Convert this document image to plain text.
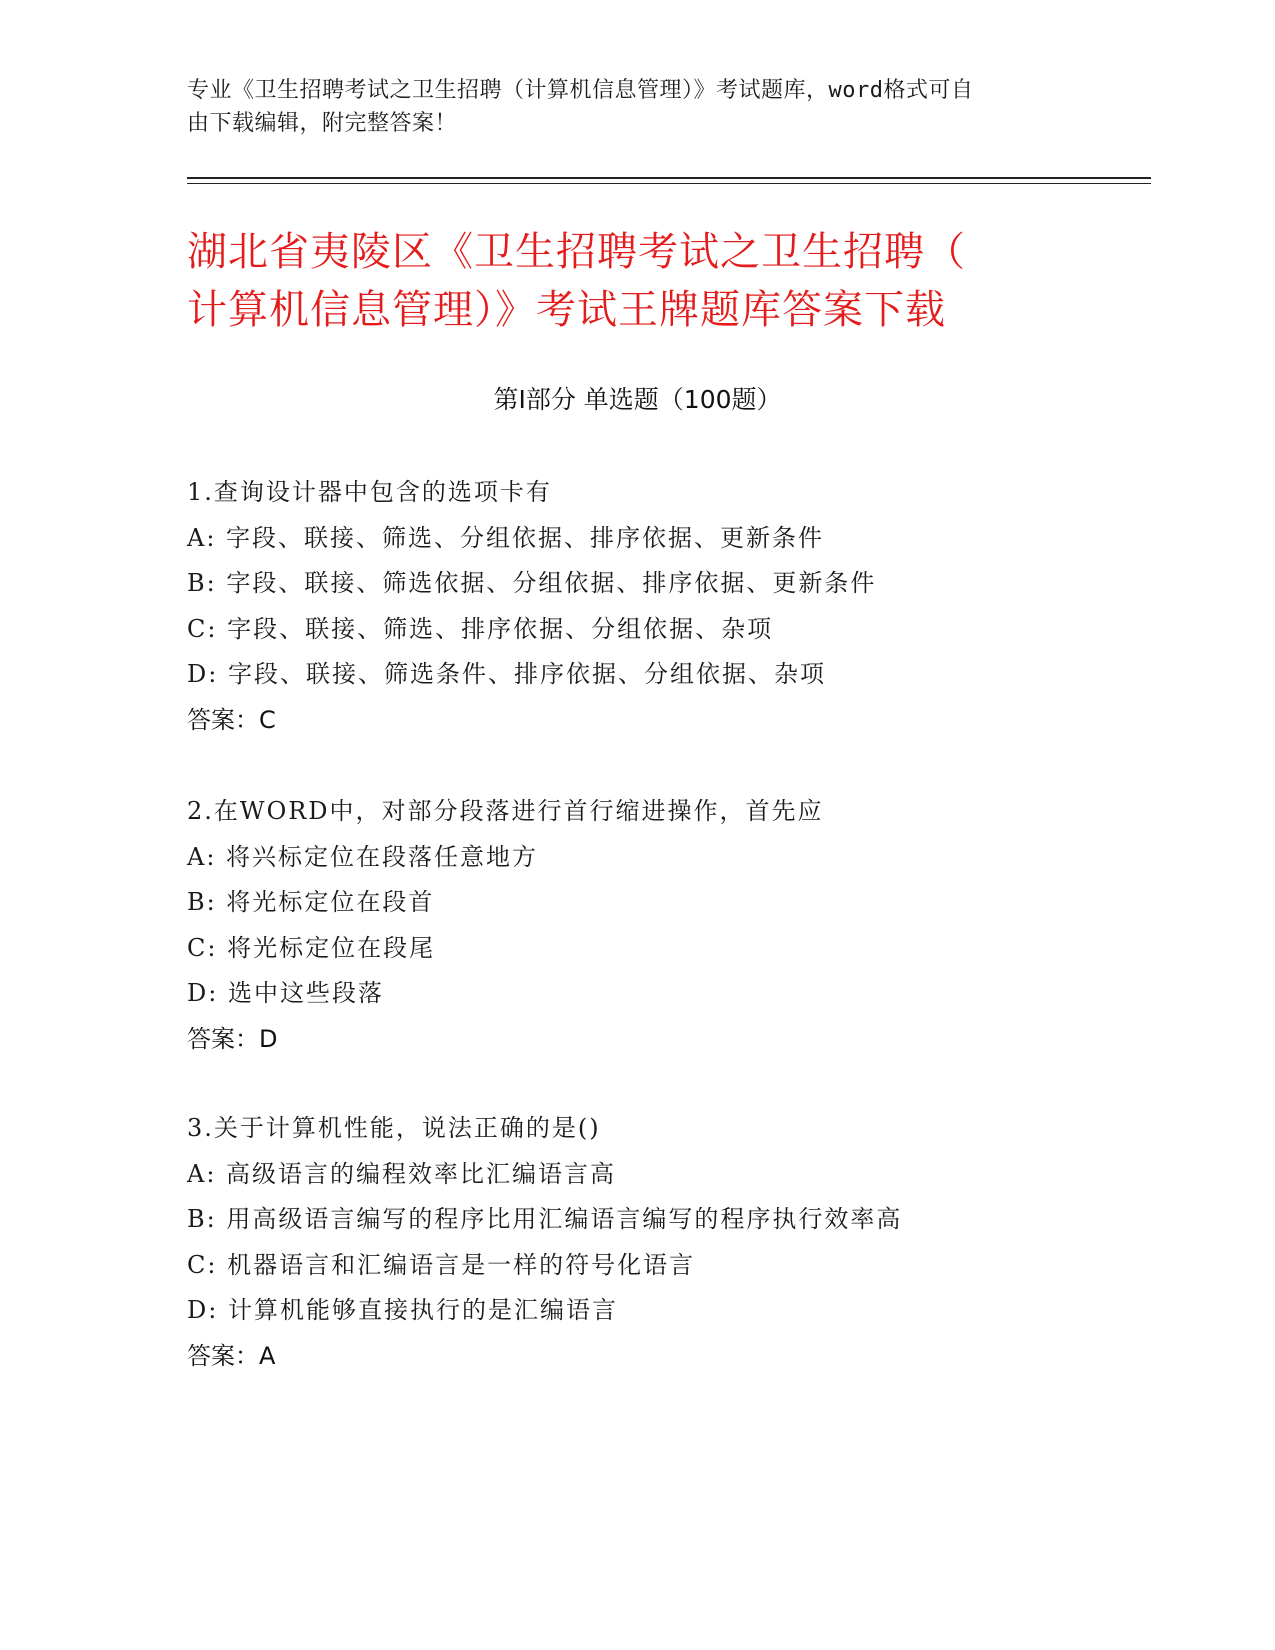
专业《卫生招聘考试之卫生招聘（计算机信息管理）》考试题库，word格式可自
由下载编辑，附完整答案！
湖北省夷陵区《卫生招聘考试之卫生招聘（
计算机信息管理）》考试王牌题库答案下载
第Ⅰ部分 单选题（100题）
1.查询设计器中包含的选项卡有
A: 字段、联接、筛选、分组依据、排序依据、更新条件
B: 字段、联接、筛选依据、分组依据、排序依据、更新条件
C: 字段、联接、筛选、排序依据、分组依据、杂项
D: 字段、联接、筛选条件、排序依据、分组依据、杂项
答案：C
2.在WORD中，对部分段落进行首行缩进操作，首先应
A: 将兴标定位在段落任意地方
B: 将光标定位在段首
C: 将光标定位在段尾
D: 选中这些段落
答案：D
3.关于计算机性能，说法正确的是()
A: 高级语言的编程效率比汇编语言高
B: 用高级语言编写的程序比用汇编语言编写的程序执行效率高
C: 机器语言和汇编语言是一样的符号化语言
D: 计算机能够直接执行的是汇编语言
答案：A
